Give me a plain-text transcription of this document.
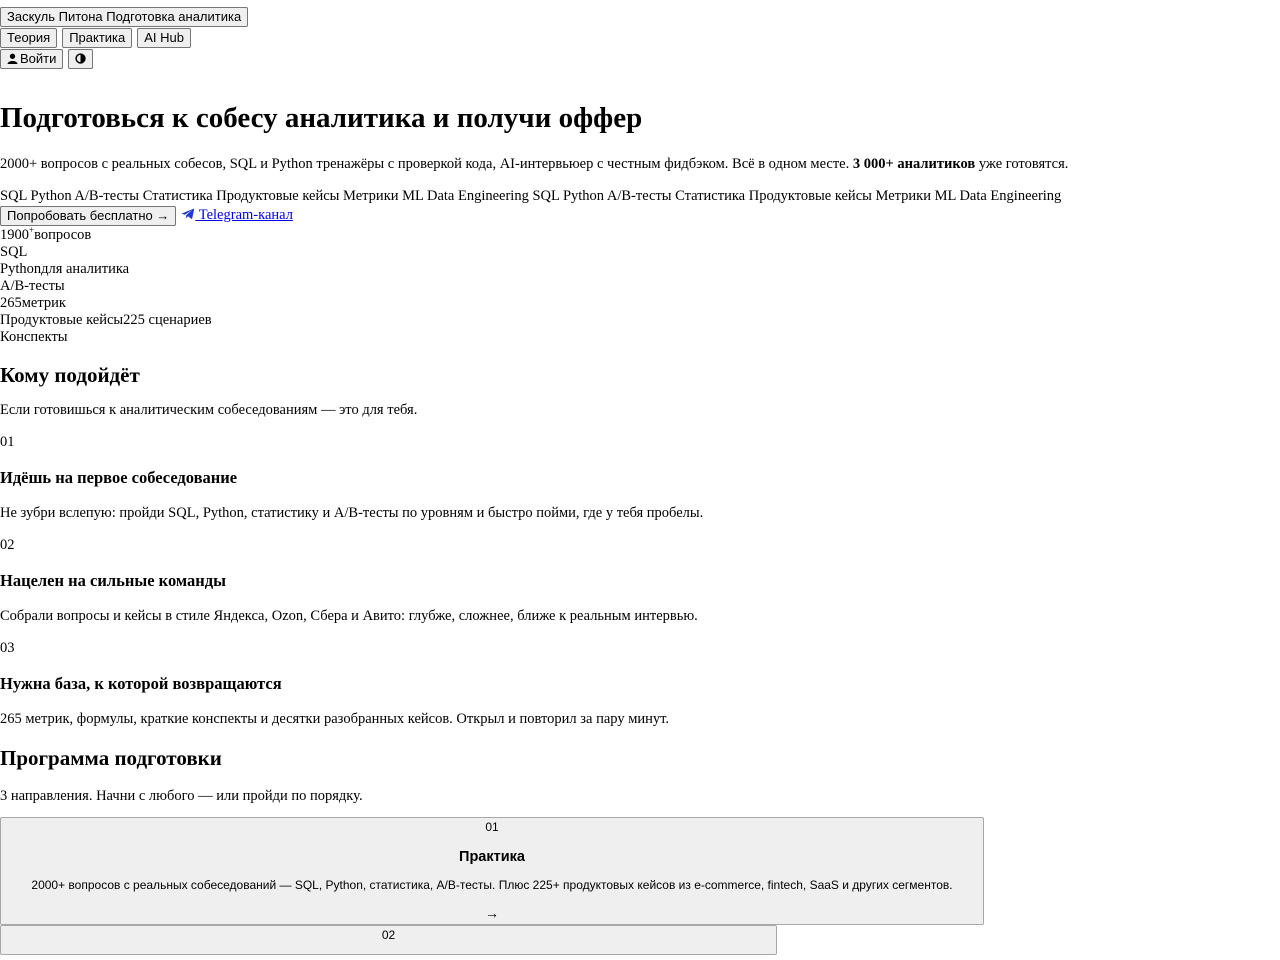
Заскуль Питона Подготовка аналитика
Теория Практика AI Hub
Войти
Подготовься к собесу аналитика и получи оффер

2000+ вопросов с реальных собесов, SQL и Python тренажёры с проверкой кода, AI-интервьюер с честным фидбэком. Всё в одном месте. 3 000+ аналитиков уже готовятся.

SQL Python A/B-тесты Статистика Продуктовые кейсы Метрики ML Data Engineering SQL Python A/B-тесты Статистика Продуктовые кейсы Метрики ML Data Engineering

Попробовать бесплатно → Telegram-канал
1900+вопросов
SQL
Pythonдля аналитика
A/B-тесты
265метрик
Продуктовые кейсы225 сценариев
Конспекты
Кому подойдёт

Если готовишься к аналитическим собеседованиям — это для тебя.

01

Идёшь на первое собеседование

Не зубри вслепую: пройди SQL, Python, статистику и A/B-тесты по уровням и быстро пойми, где у тебя пробелы.

02

Нацелен на сильные команды

Собрали вопросы и кейсы в стиле Яндекса, Ozon, Сбера и Авито: глубже, сложнее, ближе к реальным интервью.

03

Нужна база, к которой возвращаются

265 метрик, формулы, краткие конспекты и десятки разобранных кейсов. Открыл и повторил за пару минут.

Программа подготовки

3 направления. Начни с любого — или пройди по порядку.

01
Практика
2000+ вопросов с реальных собеседований — SQL, Python, статистика, A/B-тесты. Плюс 225+ продуктовых кейсов из e-commerce, fintech, SaaS и других сегментов.
→
02
